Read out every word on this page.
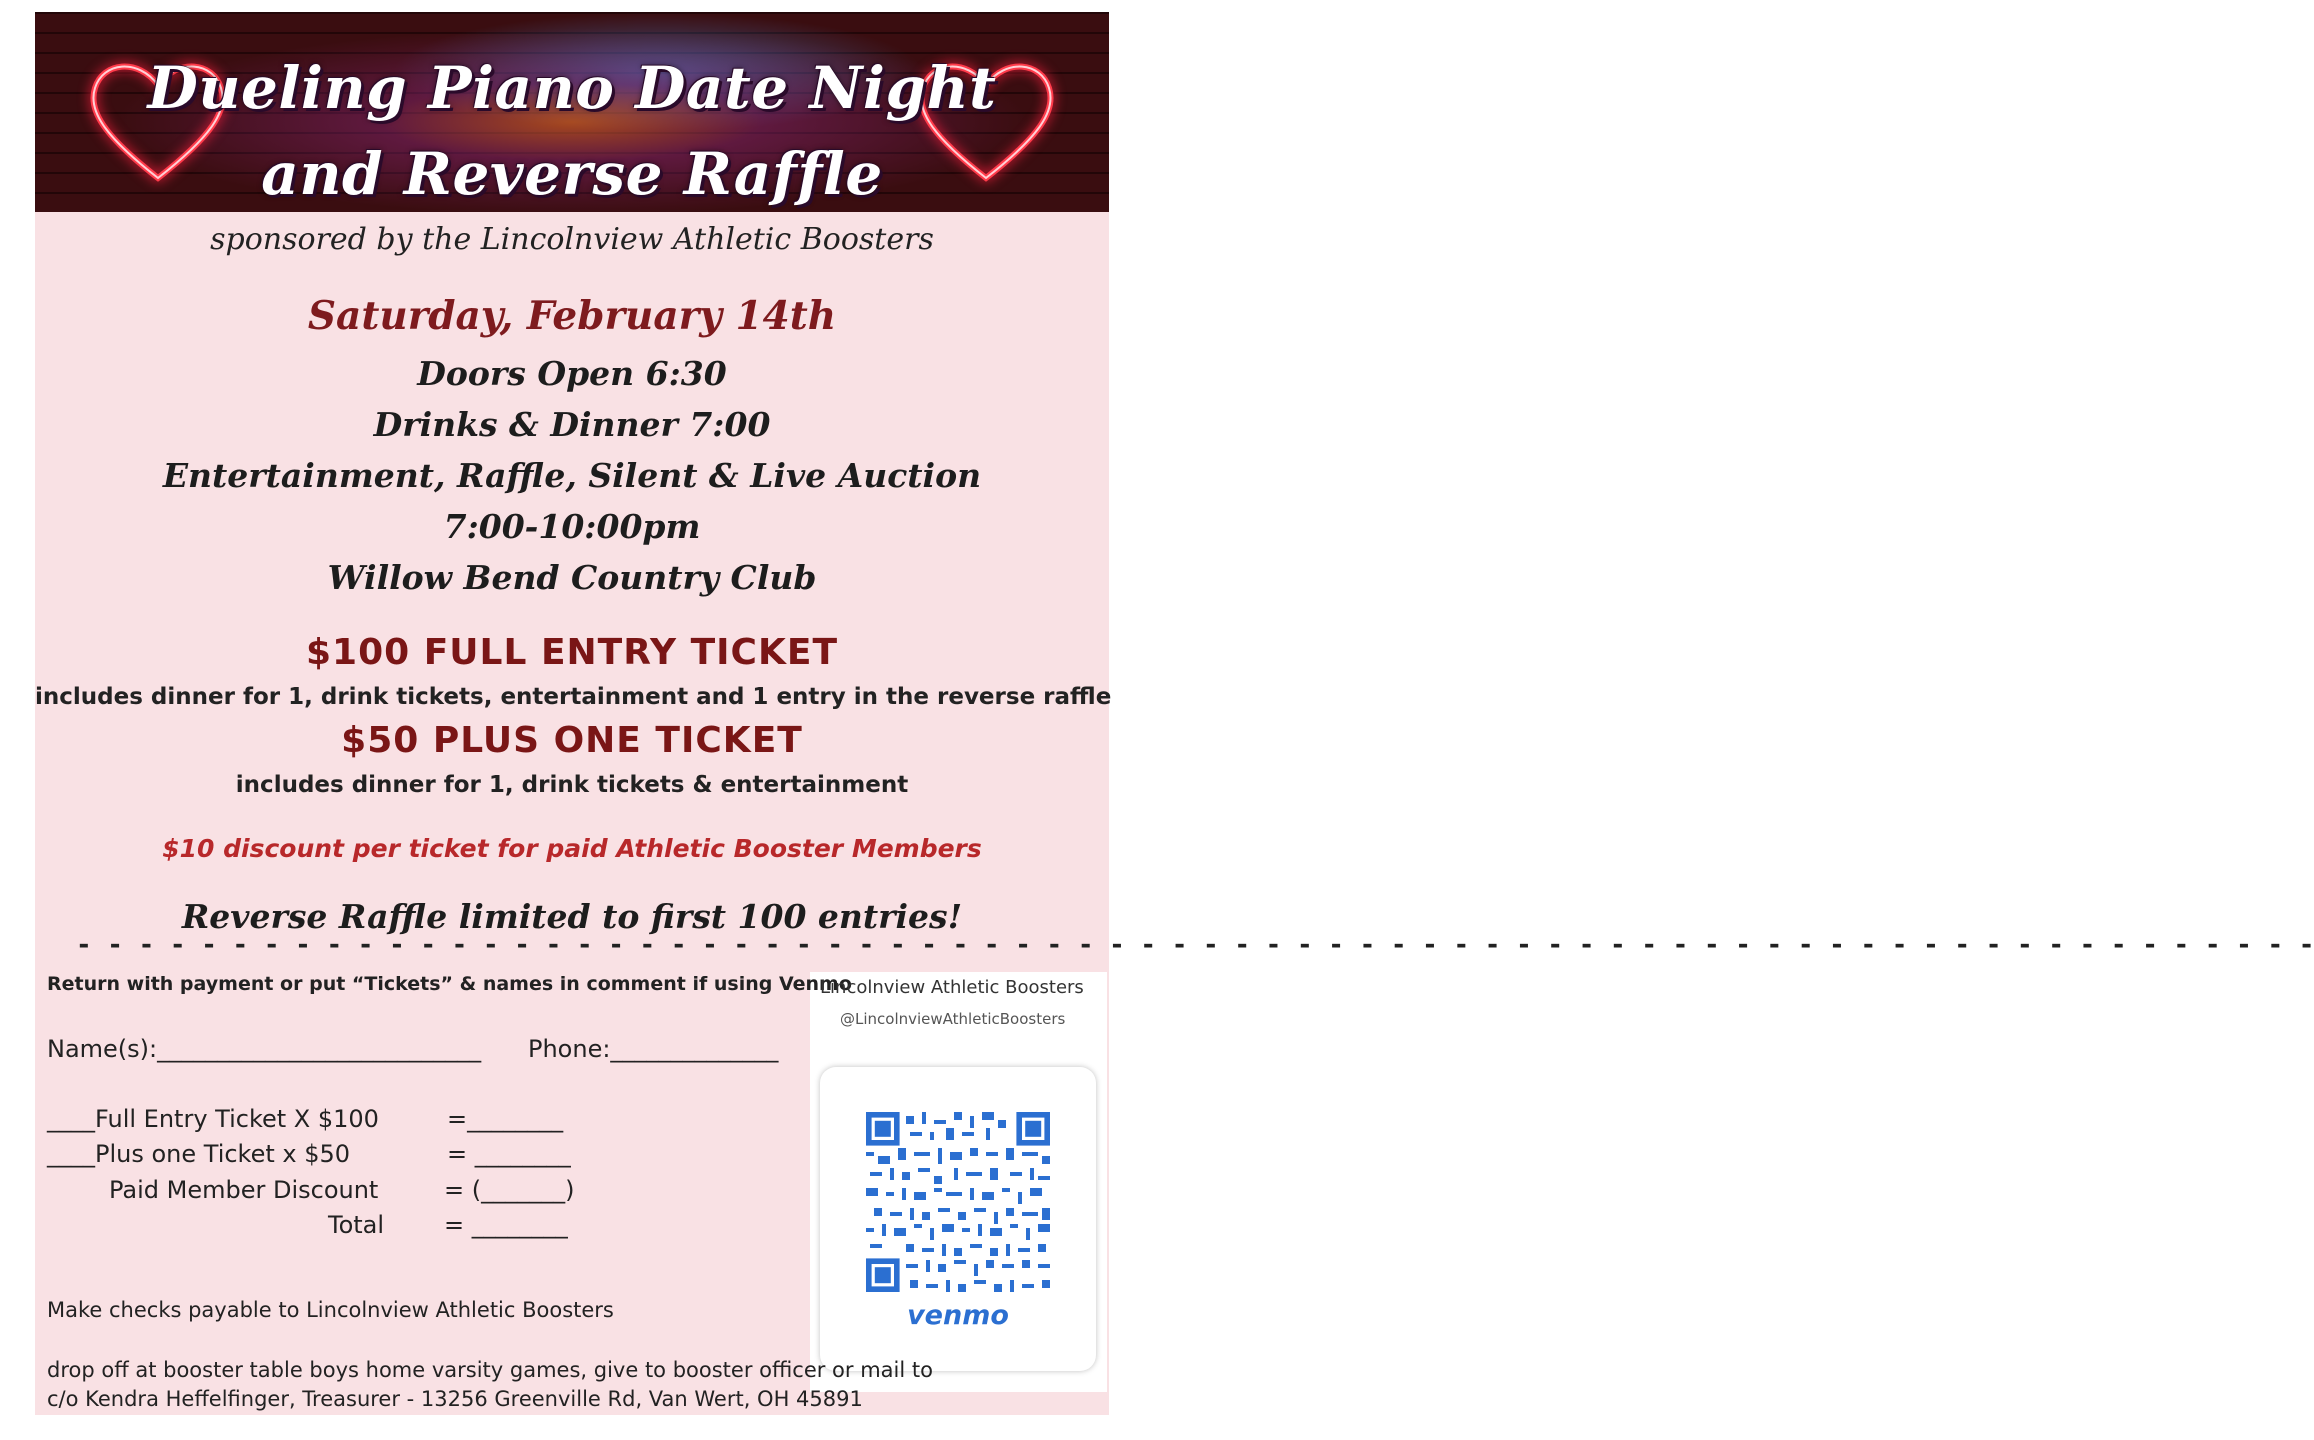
Dueling Piano Date Night
and Reverse Raffle
sponsored by the Lincolnview Athletic Boosters
Saturday, February 14th
Doors Open 6:30
Drinks & Dinner 7:00
Entertainment, Raffle, Silent & Live Auction
7:00-10:00pm
Willow Bend Country Club
$100 FULL ENTRY TICKET
includes dinner for 1, drink tickets, entertainment and 1 entry in the reverse raffle
$50 PLUS ONE TICKET
includes dinner for 1, drink tickets & entertainment
$10 discount per ticket for paid Athletic Booster Members
Reverse Raffle limited to first 100 entries!
- - - - - - - - - - - - - - - - - - - - - - - - - - - - - - - - - - - - - - - - - - - - - - - - - - - - - - - - - - - - - - - - - - - - - - - -
Return with payment or put “Tickets” & names in comment if using Venmo
Lincolnview Athletic Boosters
@LincolnviewAthleticBoosters
venmo
Name(s):___________________________ Phone:______________
____Full Entry Ticket X $100	=________
____Plus one Ticket x $50	= ________
Paid Member Discount	= (_______)
Total = ________
Make checks payable to Lincolnview Athletic Boosters
drop off at booster table boys home varsity games, give to booster officer or mail to
c/o Kendra Heffelfinger, Treasurer - 13256 Greenville Rd, Van Wert, OH 45891
